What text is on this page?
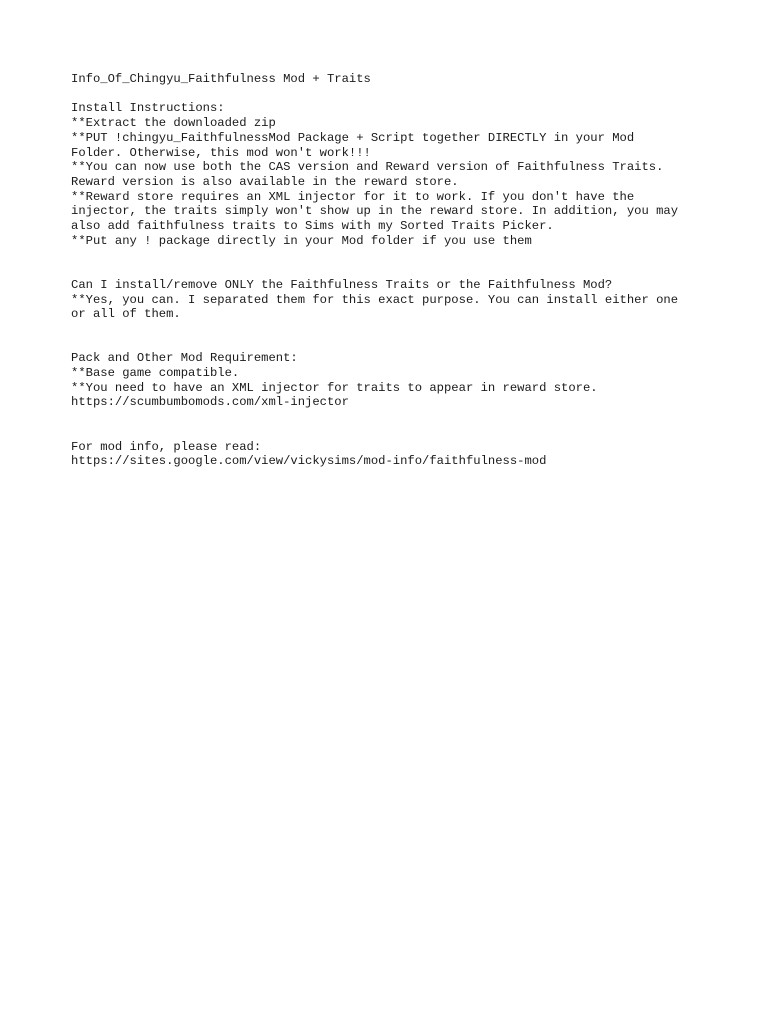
Info_Of_Chingyu_Faithfulness Mod + Traits
Install Instructions:
**Extract the downloaded zip
**PUT !chingyu_FaithfulnessMod Package + Script together DIRECTLY in your Mod
Folder. Otherwise, this mod won't work!!!
**You can now use both the CAS version and Reward version of Faithfulness Traits.
Reward version is also available in the reward store.
**Reward store requires an XML injector for it to work. If you don't have the
injector, the traits simply won't show up in the reward store. In addition, you may
also add faithfulness traits to Sims with my Sorted Traits Picker.
**Put any ! package directly in your Mod folder if you use them
Can I install/remove ONLY the Faithfulness Traits or the Faithfulness Mod?
**Yes, you can. I separated them for this exact purpose. You can install either one
or all of them.
Pack and Other Mod Requirement:
**Base game compatible.
**You need to have an XML injector for traits to appear in reward store.
https://scumbumbomods.com/xml-injector
For mod info, please read:
https://sites.google.com/view/vickysims/mod-info/faithfulness-mod
